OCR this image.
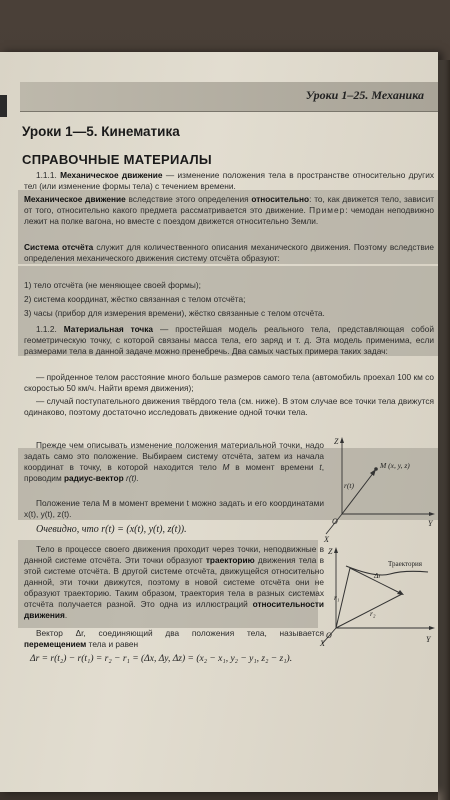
Уроки 1–25. Механика
Уроки 1—5. Кинематика
СПРАВОЧНЫЕ МАТЕРИАЛЫ
1.1.1. Механическое движение — изменение положения тела в пространстве относительно других тел (или изменение формы тела) с течением времени.
Механическое движение вследствие этого определения относительно: то, как движется тело, зависит от того, относительно какого предмета рассматривается это движение. Пример: чемодан неподвижно лежит на полке вагона, но вместе с поездом движется относительно Земли.
Система отсчёта служит для количественного описания механического движения. Поэтому вследствие определения механического движения систему отсчёта образуют:
1) тело отсчёта (не меняющее своей формы);
2) система координат, жёстко связанная с телом отсчёта;
3) часы (прибор для измерения времени), жёстко связанные с телом отсчёта.
1.1.2. Материальная точка — простейшая модель реального тела, представляющая собой геометрическую точку, с которой связаны масса тела, его заряд и т. д. Эта модель применима, если размерами тела в данной задаче можно пренебречь. Два самых частых примера таких задач:
— пройденное телом расстояние много больше размеров самого тела (автомобиль проехал 100 км со скоростью 50 км/ч. Найти время движения);
— случай поступательного движения твёрдого тела (см. ниже). В этом случае все точки тела движутся одинаково, поэтому достаточно исследовать движение одной точки тела.
Прежде чем описывать изменение положения материальной точки, надо задать само это положение. Выбираем систему отсчёта, затем из начала координат в точку, в которой находится тело M в момент времени t, проводим радиус-вектор r(t).
Положение тела M в момент времени t можно задать и его координатами x(t), y(t), z(t).
Очевидно, что r(t) = (x(t), y(t), z(t)).
Тело в процессе своего движения проходит через точки, неподвижные в данной системе отсчёта. Эти точки образуют траекторию движения тела в этой системе отсчёта. В другой системе отсчёта, движущейся относительно данной, эти точки движутся, поэтому в новой системе отсчёта они не образуют траекторию. Таким образом, траектория тела в разных системах отсчёта получается разной. Это одна из иллюстраций относительности движения.
Вектор Δr, соединяющий два положения тела, называется перемещением тела и равен
Δr = r(t₂) − r(t₁) = r₂ − r₁ = (Δx, Δy, Δz) = (x₂ − x₁, y₂ − y₁, z₂ − z₁).
Z
Y
X
O
M (x, y, z)
r(t)
Z
Y
X
O
Траектория
Δr
r₁
r₂
